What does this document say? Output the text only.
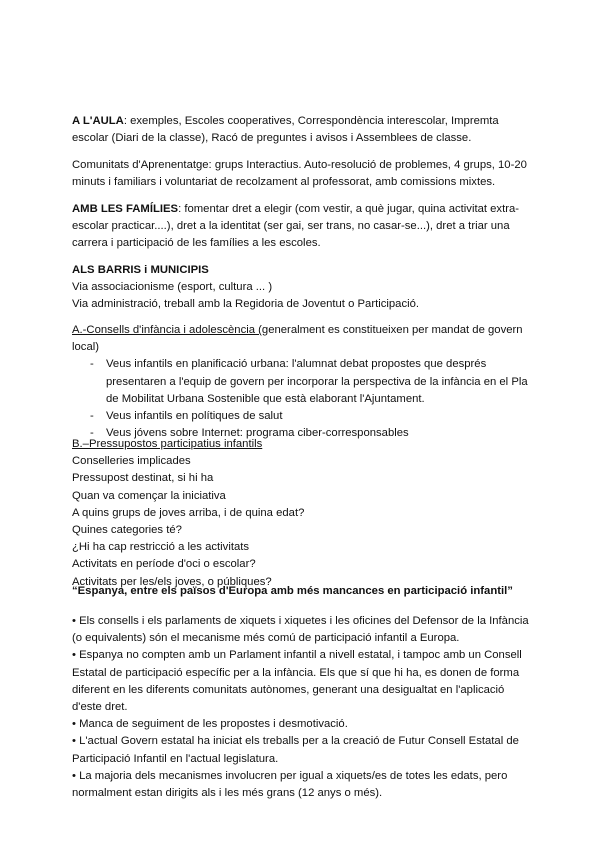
A L'AULA: exemples, Escoles cooperatives, Correspondència interescolar, Impremta escolar (Diari de la classe), Racó de preguntes i avisos i Assemblees de classe.

Comunitats d'Aprenentatge: grups Interactius. Auto-resolució de problemes, 4 grups, 10-20 minuts i familiars i voluntariat de recolzament al professorat, amb comissions mixtes.

AMB LES FAMÍLIES: fomentar dret a elegir (com vestir, a què jugar, quina activitat extra-escolar practicar....), dret a la identitat (ser gai, ser trans, no casar-se...), dret a triar una carrera i participació de les famílies a les escoles.

ALS BARRIS i MUNICIPIS

Via associacionisme (esport, cultura ... )

Via administració, treball amb la Regidoria de Joventut o Participació.

A.-Consells d'infància i adolescència (generalment es constitueixen per mandat de govern local)

- Veus infantils en planificació urbana: l'alumnat debat propostes que després presentaren a l'equip de govern per incorporar la perspectiva de la infància en el Pla de Mobilitat Urbana Sostenible que està elaborant l'Ajuntament.
- Veus infantils en polítiques de salut
- Veus jóvens sobre Internet: programa ciber-corresponsables

B.–Pressupostos participatius infantils

Conselleries implicades

Pressupost destinat, si hi ha

Quan va començar la iniciativa

A quins grups de joves arriba, i de quina edat?

Quines categories té?

¿Hi ha cap restricció a les activitats

Activitats en període d'oci o escolar?

Activitats per les/els joves, o públiques?

“Espanya, entre els països d'Europa amb més mancances en participació infantil”

• Els consells i els parlaments de xiquets i xiquetes i les oficines del Defensor de la Infància (o equivalents) són el mecanisme més comú de participació infantil a Europa.

• Espanya no compten amb un Parlament infantil a nivell estatal, i tampoc amb un Consell Estatal de participació específic per a la infància. Els que sí que hi ha, es donen de forma diferent en les diferents comunitats autònomes, generant una desigualtat en l'aplicació d'este dret.

• Manca de seguiment de les propostes i desmotivació.

• L'actual Govern estatal ha iniciat els treballs per a la creació de Futur Consell Estatal de Participació Infantil en l'actual legislatura.

• La majoria dels mecanismes involucren per igual a xiquets/es de totes les edats, pero normalment estan dirigits als i les més grans (12 anys o més).
